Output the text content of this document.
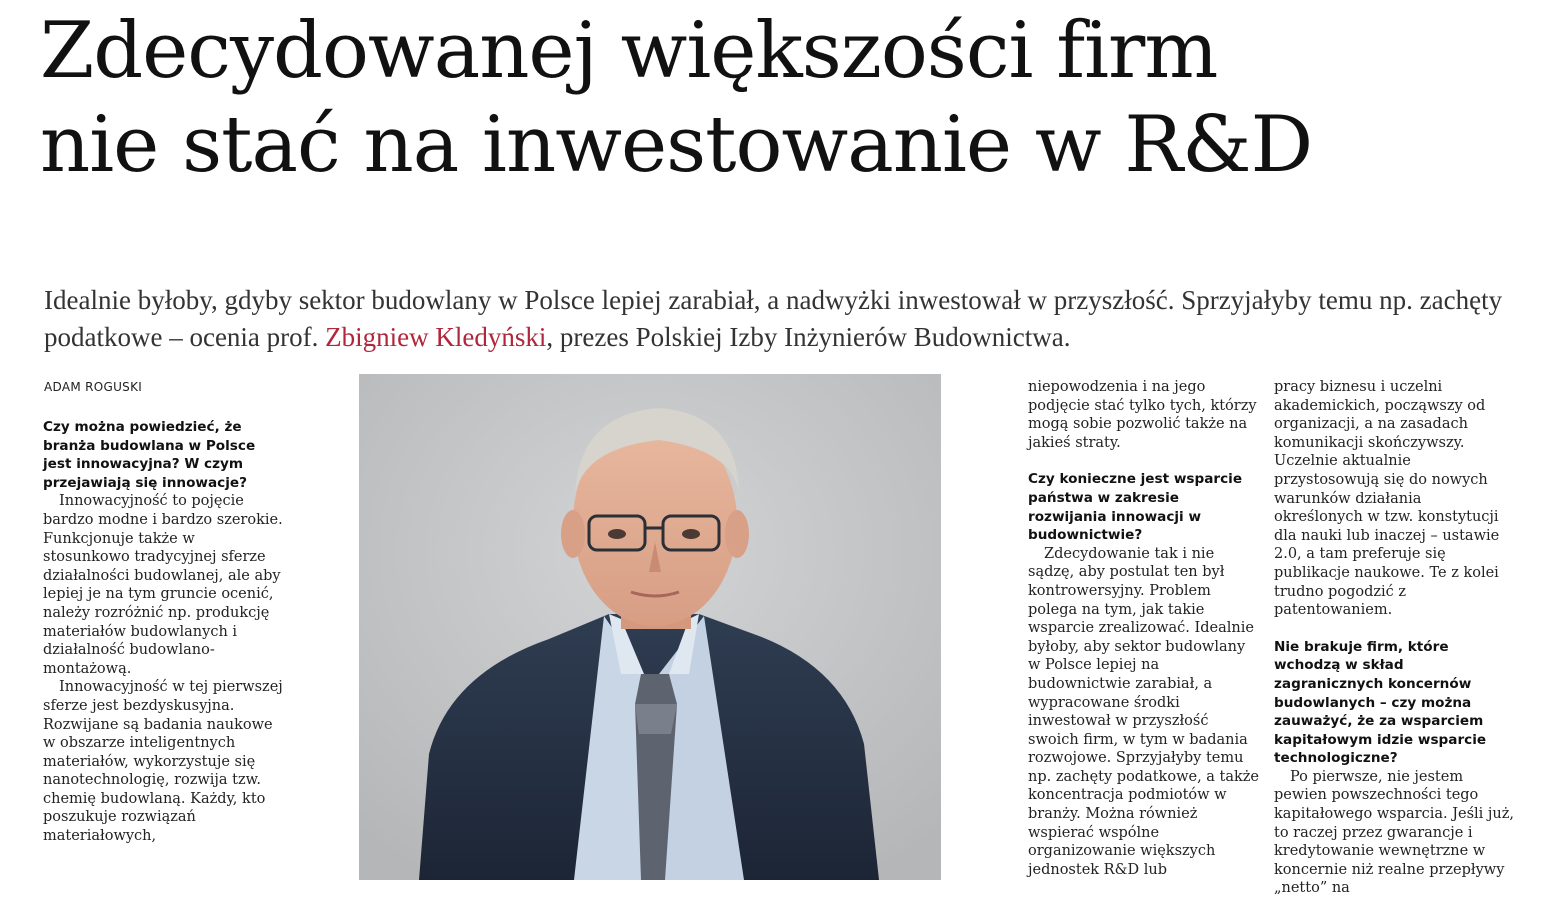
Zdecydowanej większości firm
nie stać na inwestowanie w R&D

Idealnie byłoby, gdyby sektor budowlany w Polsce lepiej zarabiał, a nadwyżki inwestował w przyszłość. Sprzyjałyby temu np. zachęty podatkowe – ocenia prof. Zbigniew Kledyński, prezes Polskiej Izby Inżynierów Budownictwa.

ADAM ROGUSKI

Czy można powiedzieć, że branża budowlana w Polsce jest innowacyjna? W czym przejawiają się innowacje?

Innowacyjność to pojęcie bardzo modne i bardzo szerokie. Funkcjonuje także w stosunkowo tradycyjnej sferze działalności budowlanej, ale aby lepiej je na tym gruncie ocenić, należy rozróżnić np. produkcję materiałów budowlanych i działalność budowlano-montażową.

Innowacyjność w tej pierwszej sferze jest bezdyskusyjna. Rozwijane są badania naukowe w obszarze inteligentnych materiałów, wykorzystuje się nanotechnologię, rozwija tzw. chemię budowlaną. Każdy, kto poszukuje rozwiązań materiałowych,

niepowodzenia i na jego podjęcie stać tylko tych, którzy mogą sobie pozwolić także na jakieś straty.

Czy konieczne jest wsparcie państwa w zakresie rozwijania innowacji w budownictwie?

Zdecydowanie tak i nie sądzę, aby postulat ten był kontrowersyjny. Problem polega na tym, jak takie wsparcie zrealizować. Idealnie byłoby, aby sektor budowlany w Polsce lepiej na budownictwie zarabiał, a wypracowane środki inwestował w przyszłość swoich firm, w tym w badania rozwojowe. Sprzyjałyby temu np. zachęty podatkowe, a także koncentracja podmiotów w branży. Można również wspierać wspólne organizowanie większych jednostek R&D lub

pracy biznesu i uczelni akademickich, począwszy od organizacji, a na zasadach komunikacji skończywszy. Uczelnie aktualnie przystosowują się do nowych warunków działania określonych w tzw. konstytucji dla nauki lub inaczej – ustawie 2.0, a tam preferuje się publikacje naukowe. Te z kolei trudno pogodzić z patentowaniem.

Nie brakuje firm, które wchodzą w skład zagranicznych koncernów budowlanych – czy można zauważyć, że za wsparciem kapitałowym idzie wsparcie technologiczne?

Po pierwsze, nie jestem pewien powszechności tego kapitałowego wsparcia. Jeśli już, to raczej przez gwarancje i kredytowanie wewnętrzne w koncernie niż realne przepływy „netto” na
